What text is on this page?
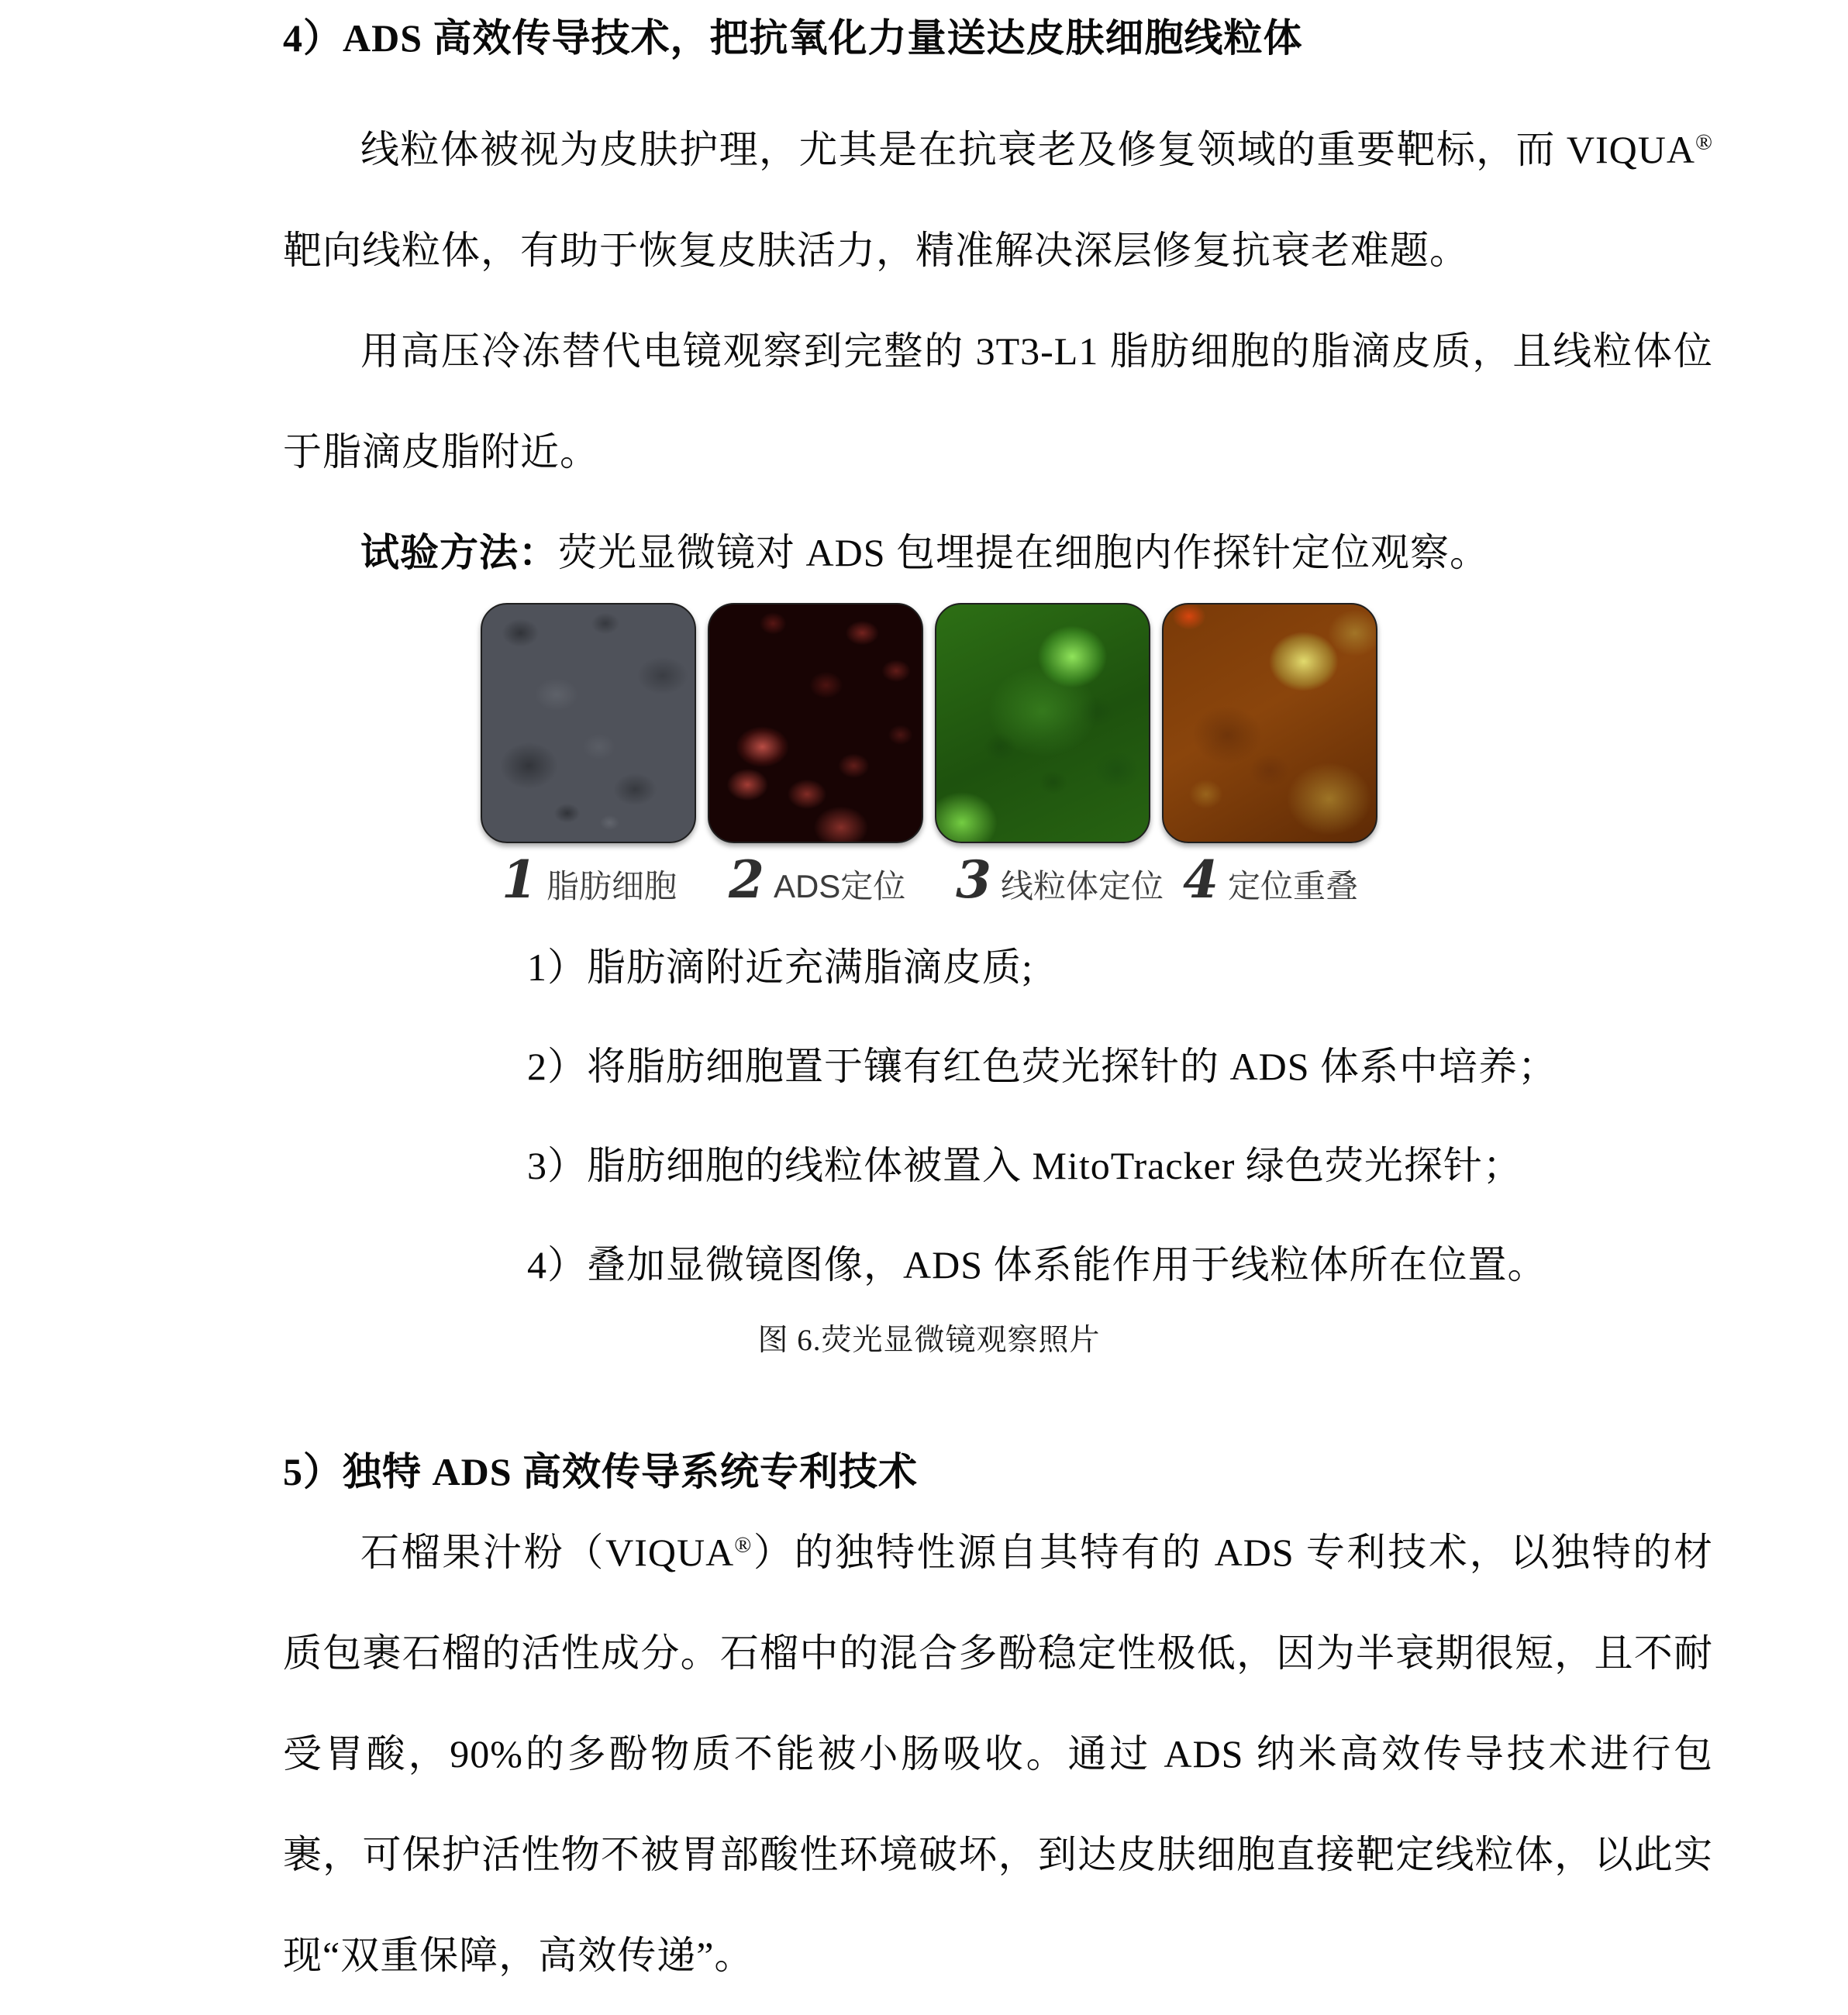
4）ADS 高效传导技术，把抗氧化力量送达皮肤细胞线粒体

线粒体被视为皮肤护理，尤其是在抗衰老及修复领域的重要靶标，而 VIQUA®靶向线粒体，有助于恢复皮肤活力，精准解决深层修复抗衰老难题。

用高压冷冻替代电镜观察到完整的 3T3-L1 脂肪细胞的脂滴皮质，且线粒体位于脂滴皮脂附近。

试验方法：荧光显微镜对 ADS 包埋提在细胞内作探针定位观察。

1 脂肪细胞 2 ADS定位 3 线粒体定位 4 定位重叠

1）脂肪滴附近充满脂滴皮质;

2）将脂肪细胞置于镶有红色荧光探针的 ADS 体系中培养；

3）脂肪细胞的线粒体被置入 MitoTracker 绿色荧光探针；

4）叠加显微镜图像，ADS 体系能作用于线粒体所在位置。

图 6.荧光显微镜观察照片

5）独特 ADS 高效传导系统专利技术

石榴果汁粉（VIQUA®）的独特性源自其特有的 ADS 专利技术，以独特的材质包裹石榴的活性成分。石榴中的混合多酚稳定性极低，因为半衰期很短，且不耐受胃酸，90%的多酚物质不能被小肠吸收。通过 ADS 纳米高效传导技术进行包裹，可保护活性物不被胃部酸性环境破坏，到达皮肤细胞直接靶定线粒体，以此实现“双重保障，高效传递”。
